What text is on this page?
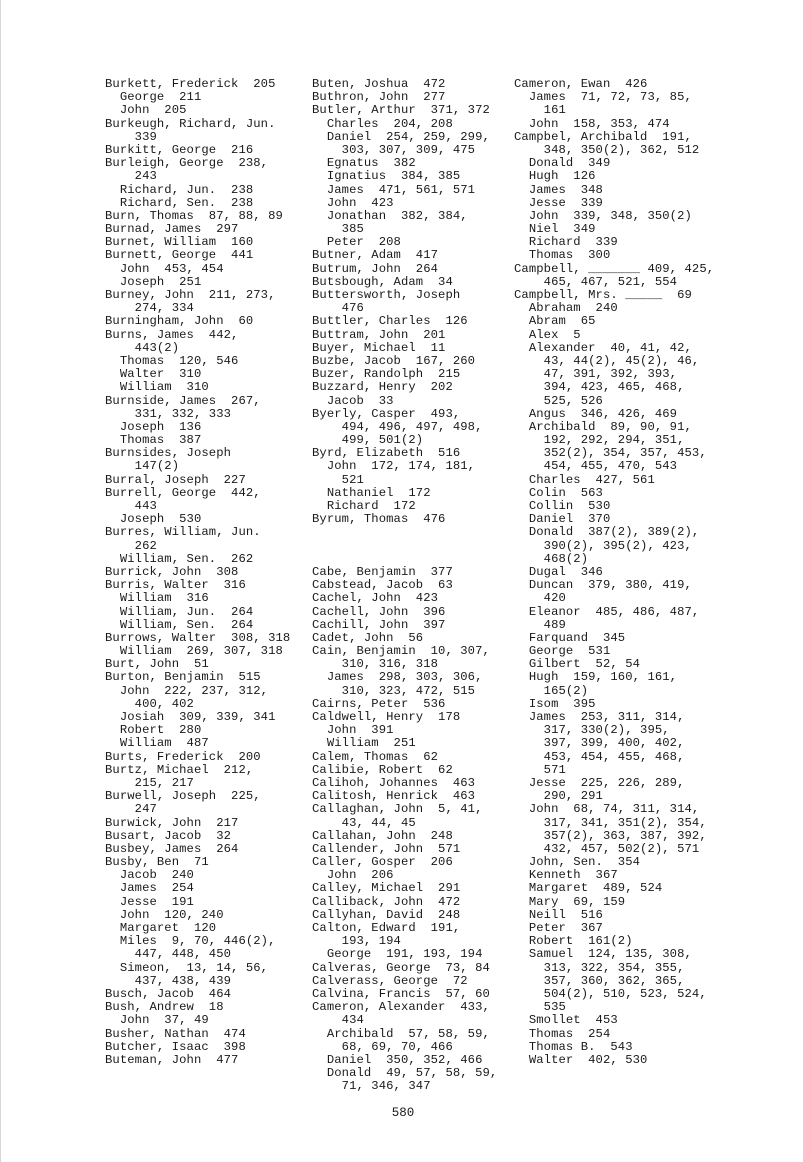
Burkett, Frederick  205
George  211
John  205
Burkeugh, Richard, Jun.
339
Burkitt, George  216
Burleigh, George  238,
243
Richard, Jun.  238
Richard, Sen.  238
Burn, Thomas  87, 88, 89
Burnad, James  297
Burnet, William  160
Burnett, George  441
John  453, 454
Joseph  251
Burney, John  211, 273,
274, 334
Burningham, John  60
Burns, James  442,
443(2)
Thomas  120, 546
Walter  310
William  310
Burnside, James  267,
331, 332, 333
Joseph  136
Thomas  387
Burnsides, Joseph
147(2)
Burral, Joseph  227
Burrell, George  442,
443
Joseph  530
Burres, William, Jun.
262
William, Sen.  262
Burrick, John  308
Burris, Walter  316
William  316
William, Jun.  264
William, Sen.  264
Burrows, Walter  308, 318
William  269, 307, 318
Burt, John  51
Burton, Benjamin  515
John  222, 237, 312,
400, 402
Josiah  309, 339, 341
Robert  280
William  487
Burts, Frederick  200
Burtz, Michael  212,
215, 217
Burwell, Joseph  225,
247
Burwick, John  217
Busart, Jacob  32
Busbey, James  264
Busby, Ben  71
Jacob  240
James  254
Jesse  191
John  120, 240
Margaret  120
Miles  9, 70, 446(2),
447, 448, 450
Simeon,  13, 14, 56,
437, 438, 439
Busch, Jacob  464
Bush, Andrew  18
John  37, 49
Busher, Nathan  474
Butcher, Isaac  398
Buteman, John  477
Buten, Joshua  472
Buthron, John  277
Butler, Arthur  371, 372
Charles  204, 208
Daniel  254, 259, 299,
303, 307, 309, 475
Egnatus  382
Ignatius  384, 385
James  471, 561, 571
John  423
Jonathan  382, 384,
385
Peter  208
Butner, Adam  417
Butrum, John  264
Butsbough, Adam  34
Buttersworth, Joseph
476
Buttler, Charles  126
Buttram, John  201
Buyer, Michael  11
Buzbe, Jacob  167, 260
Buzer, Randolph  215
Buzzard, Henry  202
Jacob  33
Byerly, Casper  493,
494, 496, 497, 498,
499, 501(2)
Byrd, Elizabeth  516
John  172, 174, 181,
521
Nathaniel  172
Richard  172
Byrum, Thomas  476
Cabe, Benjamin  377
Cabstead, Jacob  63
Cachel, John  423
Cachell, John  396
Cachill, John  397
Cadet, John  56
Cain, Benjamin  10, 307,
310, 316, 318
James  298, 303, 306,
310, 323, 472, 515
Cairns, Peter  536
Caldwell, Henry  178
John  391
William  251
Calem, Thomas  62
Calibie, Robert  62
Calihoh, Johannes  463
Calitosh, Henrick  463
Callaghan, John  5, 41,
43, 44, 45
Callahan, John  248
Callender, John  571
Caller, Gosper  206
John  206
Calley, Michael  291
Calliback, John  472
Callyhan, David  248
Calton, Edward  191,
193, 194
George  191, 193, 194
Calveras, George  73, 84
Calverass, George  72
Calvina, Francis  57, 60
Cameron, Alexander  433,
434
Archibald  57, 58, 59,
68, 69, 70, 466
Daniel  350, 352, 466
Donald  49, 57, 58, 59,
71, 346, 347
Cameron, Ewan  426
James  71, 72, 73, 85,
161
John  158, 353, 474
Campbel, Archibald  191,
348, 350(2), 362, 512
Donald  349
Hugh  126
James  348
Jesse  339
John  339, 348, 350(2)
Niel  349
Richard  339
Thomas  300
Campbell, _______ 409, 425,
465, 467, 521, 554
Campbell, Mrs. _____  69
Abraham  240
Abram  65
Alex  5
Alexander  40, 41, 42,
43, 44(2), 45(2), 46,
47, 391, 392, 393,
394, 423, 465, 468,
525, 526
Angus  346, 426, 469
Archibald  89, 90, 91,
192, 292, 294, 351,
352(2), 354, 357, 453,
454, 455, 470, 543
Charles  427, 561
Colin  563
Collin  530
Daniel  370
Donald  387(2), 389(2),
390(2), 395(2), 423,
468(2)
Dugal  346
Duncan  379, 380, 419,
420
Eleanor  485, 486, 487,
489
Farquand  345
George  531
Gilbert  52, 54
Hugh  159, 160, 161,
165(2)
Isom  395
James  253, 311, 314,
317, 330(2), 395,
397, 399, 400, 402,
453, 454, 455, 468,
571
Jesse  225, 226, 289,
290, 291
John  68, 74, 311, 314,
317, 341, 351(2), 354,
357(2), 363, 387, 392,
432, 457, 502(2), 571
John, Sen.  354
Kenneth  367
Margaret  489, 524
Mary  69, 159
Neill  516
Peter  367
Robert  161(2)
Samuel  124, 135, 308,
313, 322, 354, 355,
357, 360, 362, 365,
504(2), 510, 523, 524,
535
Smollet  453
Thomas  254
Thomas B.  543
Walter  402, 530
580
